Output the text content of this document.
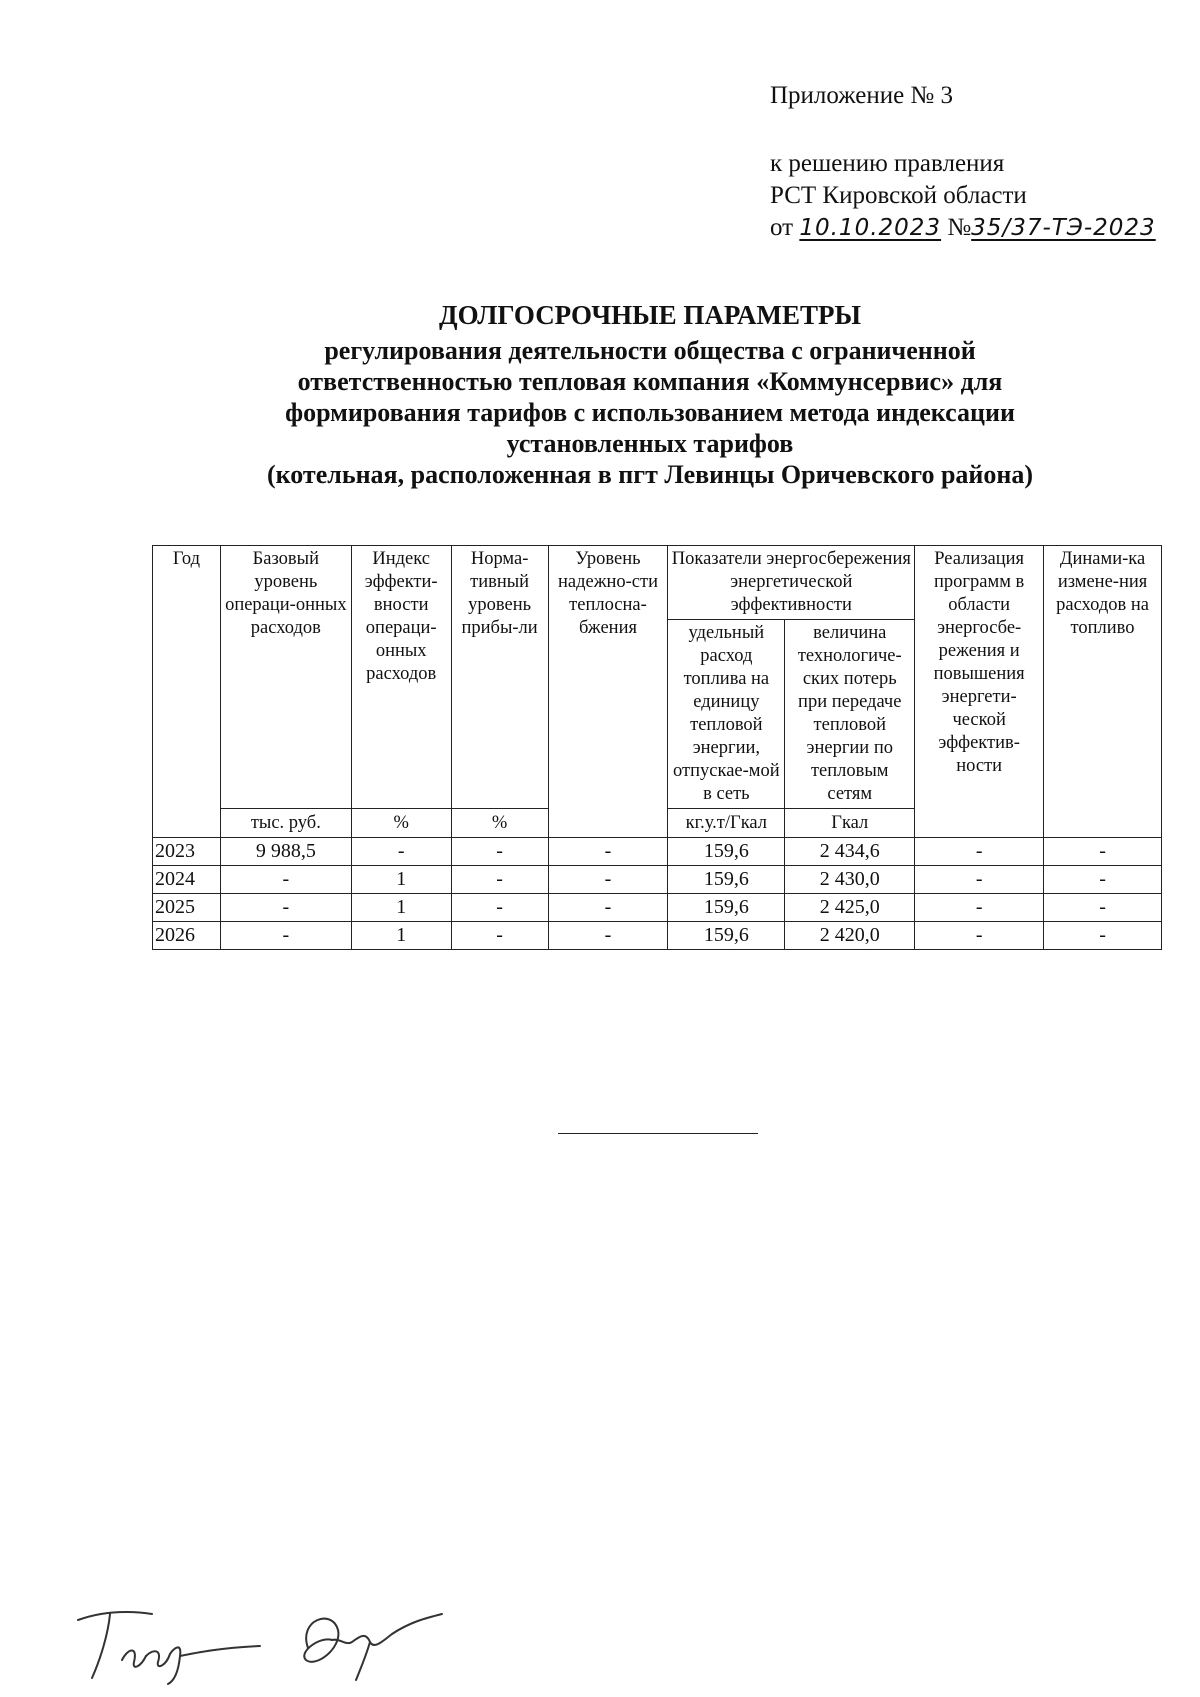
Приложение № 3
к решению правления
РСТ Кировской области
от 10.10.2023 №35/37-ТЭ-2023
ДОЛГОСРОЧНЫЕ ПАРАМЕТРЫ
регулирования деятельности общества с ограниченной
ответственностью тепловая компания «Коммунсервис» для
формирования тарифов с использованием метода индексации
установленных тарифов
(котельная, расположенная в пгт Левинцы Оричевского района)
Год	Базовый уровень операци-онных расходов	Индекс эффекти-вности операци-онных расходов	Норма-тивный уровень прибы-ли	Уровень надежно-сти теплосна-бжения	Показатели энергосбережения энергетической эффективности		Реализация программ в области энергосбе-режения и повышения энергети-ческой эффектив-ности	Динами-ка измене-ния расходов на топливо
					удельный расход топлива на единицу тепловой энергии, отпускае-мой в сеть	величина технологиче-ских потерь при передаче тепловой энергии по тепловым сетям		
	тыс. руб.	%	%		кг.у.т/Гкал	Гкал		
2023	9 988,5	-	-	-	159,6	2 434,6	-	-
2024	-	1	-	-	159,6	2 430,0	-	-
2025	-	1	-	-	159,6	2 425,0	-	-
2026	-	1	-	-	159,6	2 420,0	-	-
